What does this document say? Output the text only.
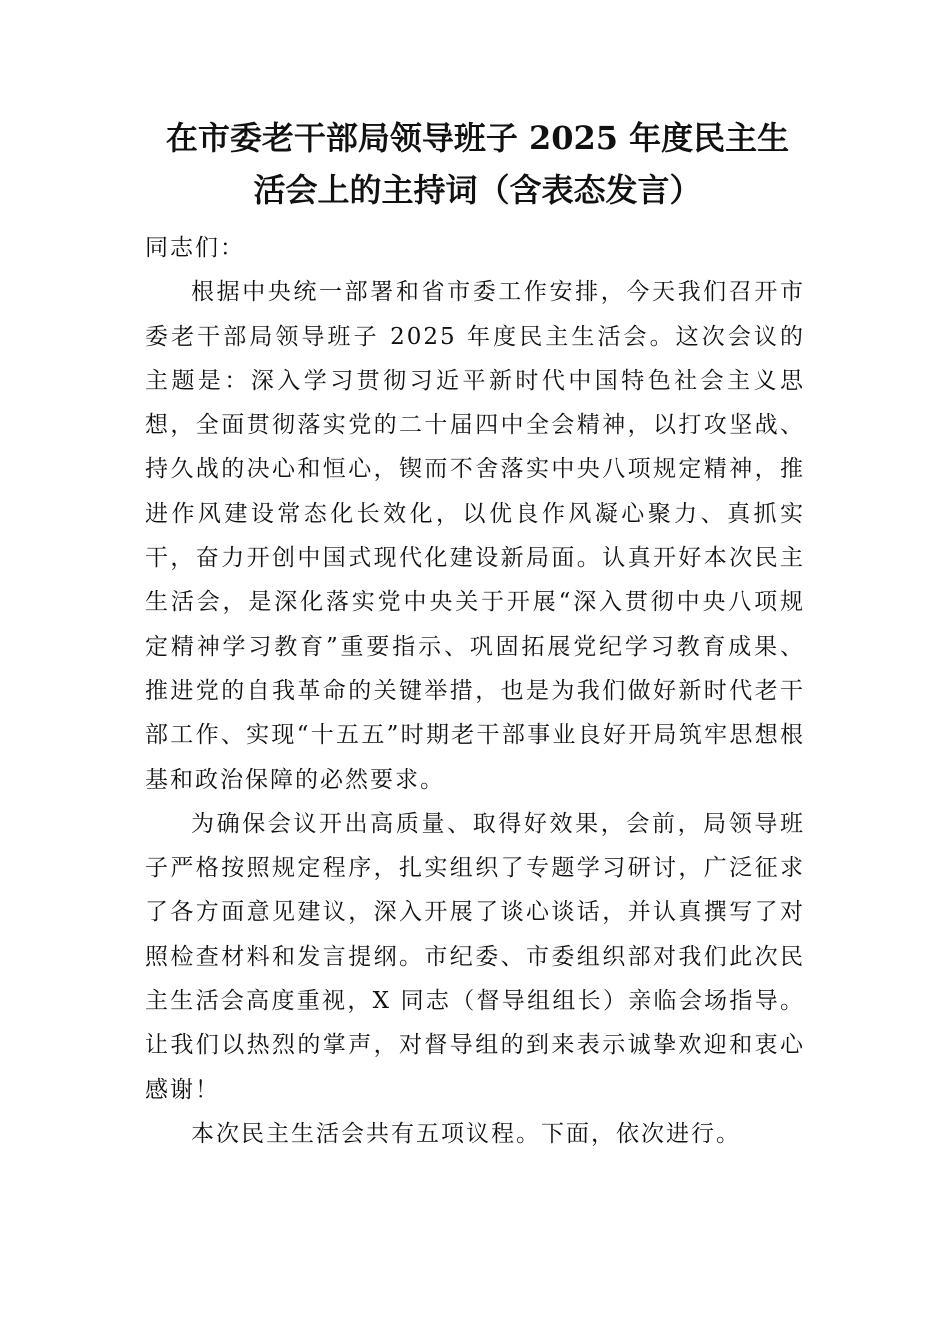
在市委老干部局领导班子 2025 年度民主生
活会上的主持词（含表态发言）

同志们：

根据中央统一部署和省市委工作安排，今天我们召开市委老干部局领导班子 2025 年度民主生活会。这次会议的主题是：深入学习贯彻习近平新时代中国特色社会主义思想，全面贯彻落实党的二十届四中全会精神，以打攻坚战、持久战的决心和恒心，锲而不舍落实中央八项规定精神，推进作风建设常态化长效化，以优良作风凝心聚力、真抓实干，奋力开创中国式现代化建设新局面。认真开好本次民主生活会，是深化落实党中央关于开展“深入贯彻中央八项规定精神学习教育”重要指示、巩固拓展党纪学习教育成果、推进党的自我革命的关键举措，也是为我们做好新时代老干部工作、实现“十五五”时期老干部事业良好开局筑牢思想根基和政治保障的必然要求。

为确保会议开出高质量、取得好效果，会前，局领导班子严格按照规定程序，扎实组织了专题学习研讨，广泛征求了各方面意见建议，深入开展了谈心谈话，并认真撰写了对照检查材料和发言提纲。市纪委、市委组织部对我们此次民主生活会高度重视，X 同志（督导组组长）亲临会场指导。让我们以热烈的掌声，对督导组的到来表示诚挚欢迎和衷心感谢！

本次民主生活会共有五项议程。下面，依次进行。
